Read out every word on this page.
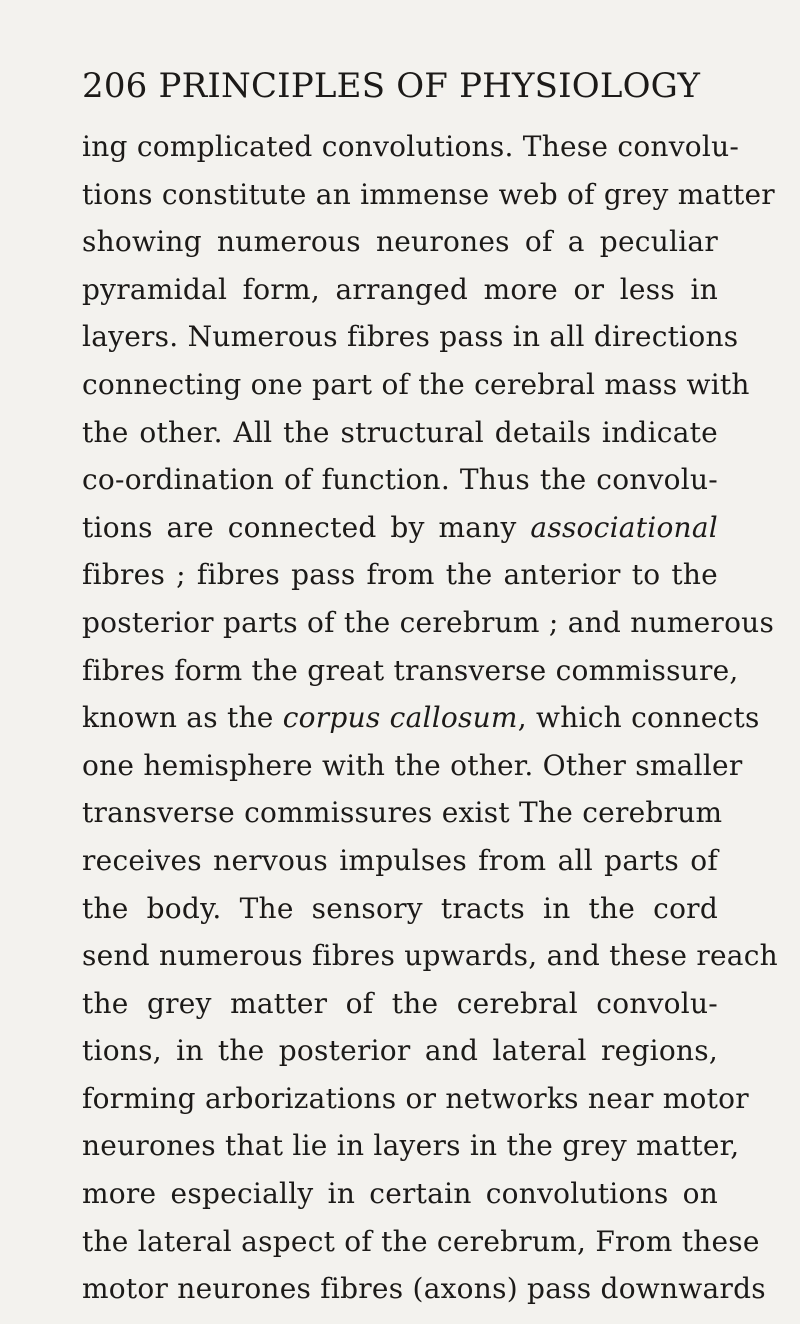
206 PRINCIPLES OF PHYSIOLOGY
ing complicated convolutions. These convolu-
tions constitute an immense web of grey matter
showing numerous neurones of a peculiar
pyramidal form, arranged more or less in
layers. Numerous fibres pass in all directions
connecting one part of the cerebral mass with
the other. All the structural details indicate
co-ordination of function. Thus the convolu-
tions are connected by many associational
fibres ; fibres pass from the anterior to the
posterior parts of the cerebrum ; and numerous
fibres form the great transverse commissure,
known as the corpus callosum, which connects
one hemisphere with the other. Other smaller
transverse commissures exist The cerebrum
receives nervous impulses from all parts of
the body. The sensory tracts in the cord
send numerous fibres upwards, and these reach
the grey matter of the cerebral convolu-
tions, in the posterior and lateral regions,
forming arborizations or networks near motor
neurones that lie in layers in the grey matter,
more especially in certain convolutions on
the lateral aspect of the cerebrum, From these
motor neurones fibres (axons) pass downwards
